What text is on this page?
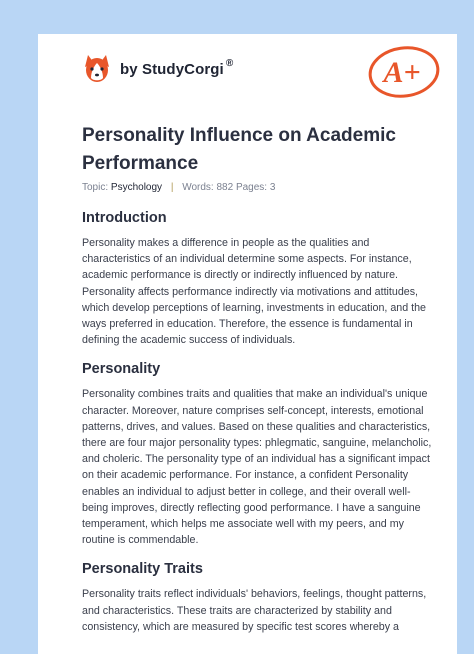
by StudyCorgi ®	A+
Personality Influence on Academic Performance
Topic: Psychology | Words: 882 Pages: 3
Introduction

Personality makes a difference in people as the qualities and characteristics of an individual determine some aspects. For instance, academic performance is directly or indirectly influenced by nature. Personality affects performance indirectly via motivations and attitudes, which develop perceptions of learning, investments in education, and the ways preferred in education. Therefore, the essence is fundamental in defining the academic success of individuals.

Personality

Personality combines traits and qualities that make an individual's unique character. Moreover, nature comprises self-concept, interests, emotional patterns, drives, and values. Based on these qualities and characteristics, there are four major personality types: phlegmatic, sanguine, melancholic, and choleric. The personality type of an individual has a significant impact on their academic performance. For instance, a confident Personality enables an individual to adjust better in college, and their overall well-being improves, directly reflecting good performance. I have a sanguine temperament, which helps me associate well with my peers, and my routine is commendable.

Personality Traits

Personality traits reflect individuals' behaviors, feelings, thought patterns, and characteristics. These traits are characterized by stability and consistency, which are measured by specific test scores whereby a
